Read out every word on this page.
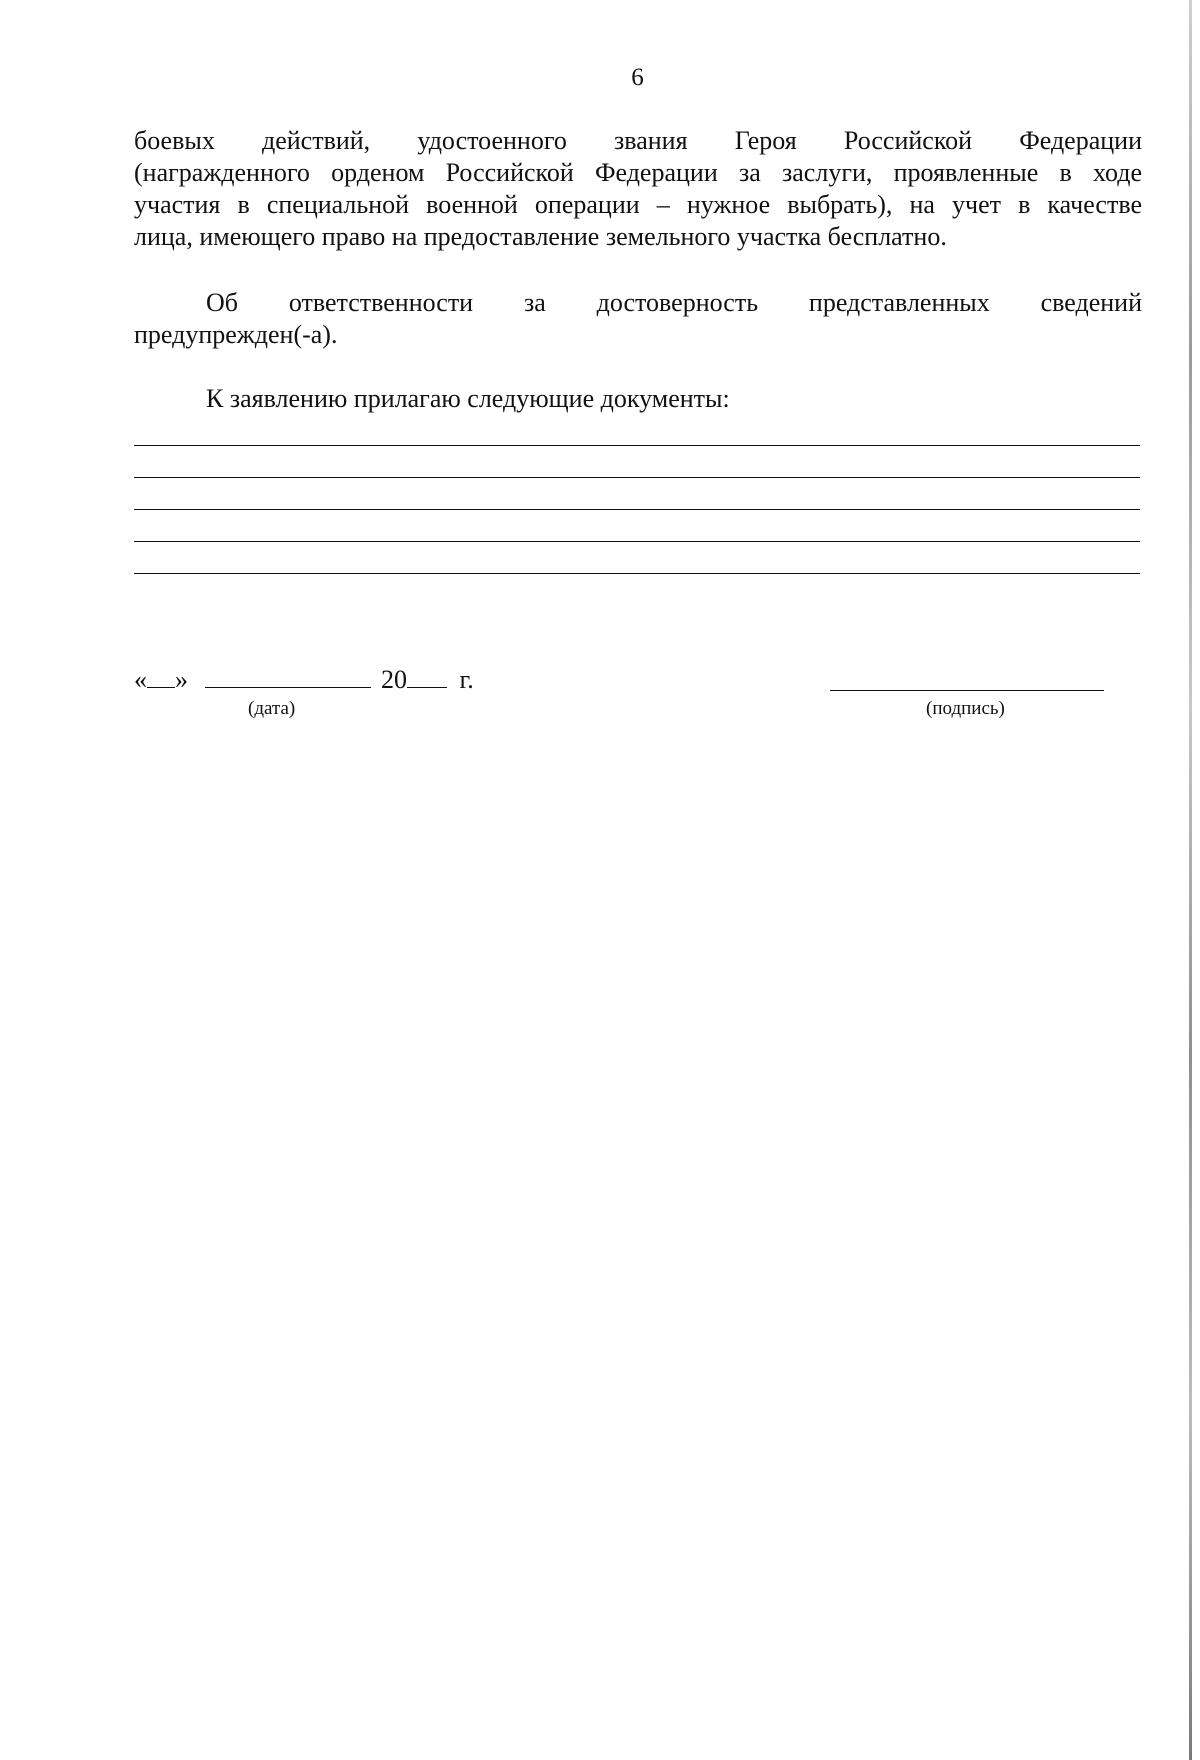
6
боевых действий, удостоенного звания Героя Российской Федерации
(награжденного орденом Российской Федерации за заслуги, проявленные в ходе
участия в специальной военной операции – нужное выбрать), на учет в качестве
лица, имеющего право на предоставление земельного участка бесплатно.
Об ответственности за достоверность представленных сведений
предупрежден(-а).
К заявлению прилагаю следующие документы:
« »	20 г.
(дата)	(подпись)
